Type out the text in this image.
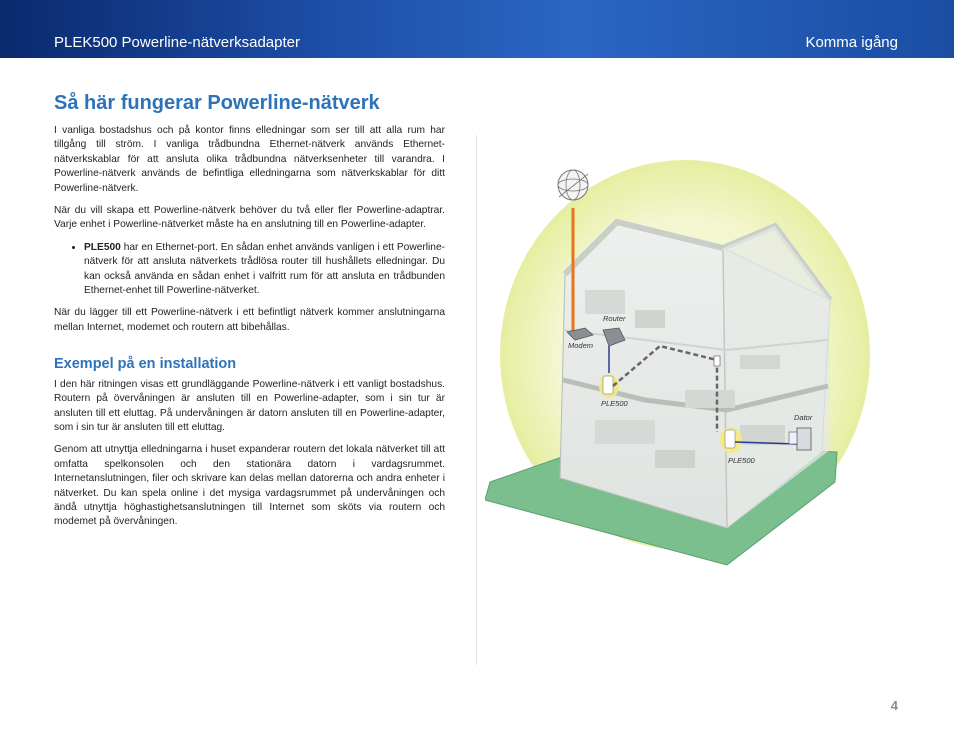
PLEK500 Powerline-nätverksadapter	Komma igång
Så här fungerar Powerline-nätverk

I vanliga bostadshus och på kontor finns elledningar som ser till att alla rum har tillgång till ström. I vanliga trådbundna Ethernet-nätverk används Ethernet-nätverkskablar för att ansluta olika trådbundna nätverksenheter till varandra. I Powerline-nätverk används de befintliga elledningarna som nätverkskablar för ditt Powerline-nätverk.

När du vill skapa ett Powerline-nätverk behöver du två eller fler Powerline-adaptrar. Varje enhet i Powerline-nätverket måste ha en anslutning till en Powerline-adapter.

• PLE500 har en Ethernet-port. En sådan enhet används vanligen i ett Powerline-nätverk för att ansluta nätverkets trådlösa router till hushållets elledningar. Du kan också använda en sådan enhet i valfritt rum för att ansluta en trådbunden Ethernet-enhet till Powerline-nätverket.

När du lägger till ett Powerline-nätverk i ett befintligt nätverk kommer anslutningarna mellan Internet, modemet och routern att bibehållas.

Exempel på en installation

I den här ritningen visas ett grundläggande Powerline-nätverk i ett vanligt bostadshus. Routern på övervåningen är ansluten till en Powerline-adapter, som i sin tur är ansluten till ett eluttag. På undervåningen är datorn ansluten till en Powerline-adapter, som i sin tur är ansluten till ett eluttag.

Genom att utnyttja elledningarna i huset expanderar routern det lokala nätverket till att omfatta spelkonsolen och den stationära datorn i vardagsrummet. Internetanslutningen, filer och skrivare kan delas mellan datorerna och andra enheter i nätverket. Du kan spela online i det mysiga vardagsrummet på undervåningen och ändå utnyttja höghastighetsanslutningen till Internet som sköts via routern och modemet på övervåningen.

Modem
Router
PLE500
PLE500
Dator
4
